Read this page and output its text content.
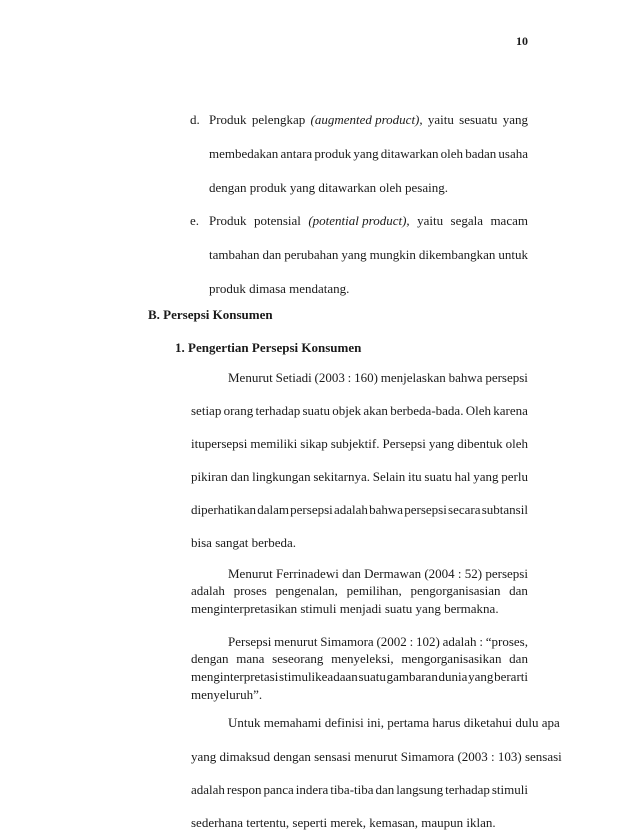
10
d. Produk pelengkap (augmented product), yaitu sesuatu yang
membedakan antara produk yang ditawarkan oleh badan usaha
dengan produk yang ditawarkan oleh pesaing.
e. Produk potensial (potential product), yaitu segala macam
tambahan dan perubahan yang mungkin dikembangkan untuk
produk dimasa mendatang.
B. Persepsi Konsumen
1. Pengertian Persepsi Konsumen
Menurut Setiadi (2003 : 160) menjelaskan bahwa persepsi
setiap orang terhadap suatu objek akan berbeda-bada. Oleh karena
itupersepsi memiliki sikap subjektif. Persepsi yang dibentuk oleh
pikiran dan lingkungan sekitarnya. Selain itu suatu hal yang perlu
diperhatikan dalam persepsi adalah bahwa persepsi secara subtansil
bisa sangat berbeda.
Menurut Ferrinadewi dan Dermawan (2004 : 52) persepsi
adalah proses pengenalan, pemilihan, pengorganisasian dan
menginterpretasikan stimuli menjadi suatu yang bermakna.
Persepsi menurut Simamora (2002 : 102) adalah : “proses,
dengan mana seseorang menyeleksi, mengorganisasikan dan
menginterpretasi stimulikeadaan suatu gambaran dunia yang berarti
menyeluruh”.
Untuk memahami definisi ini, pertama harus diketahui dulu apa
yang dimaksud dengan sensasi menurut Simamora (2003 : 103) sensasi
adalah respon panca indera tiba-tiba dan langsung terhadap stimuli
sederhana tertentu, seperti merek, kemasan, maupun iklan.
